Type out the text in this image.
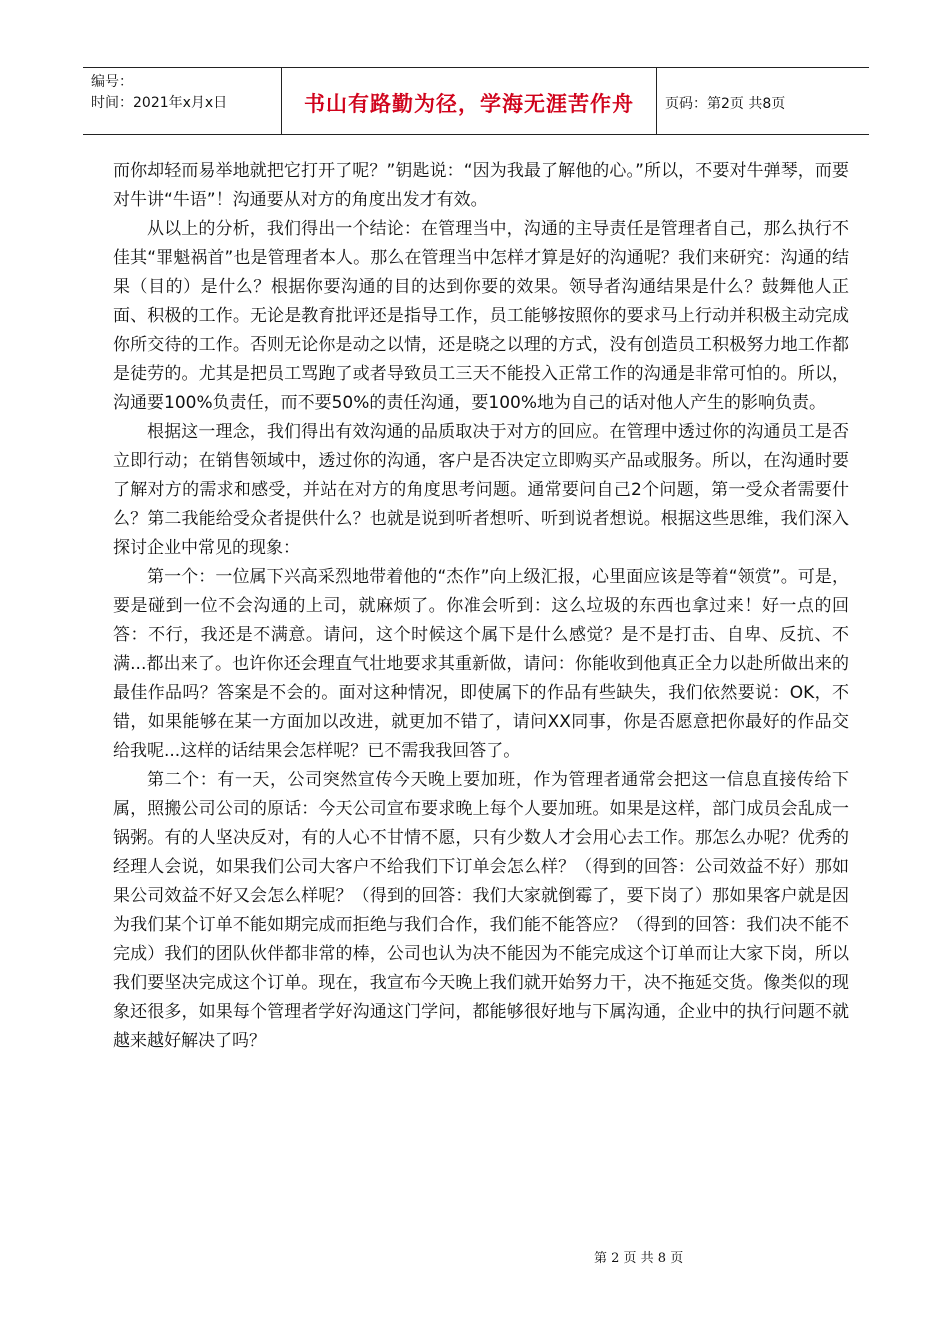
编号：
时间：2021年x月x日	书山有路勤为径，学海无涯苦作舟	页码：第2页 共8页

而你却轻而易举地就把它打开了呢？”钥匙说：“因为我最了解他的心。”所以，不要对牛弹琴，而要对牛讲“牛语”！沟通要从对方的角度出发才有效。

从以上的分析，我们得出一个结论：在管理当中，沟通的主导责任是管理者自己，那么执行不佳其“罪魁祸首”也是管理者本人。那么在管理当中怎样才算是好的沟通呢？我们来研究：沟通的结果（目的）是什么？根据你要沟通的目的达到你要的效果。领导者沟通结果是什么？鼓舞他人正面、积极的工作。无论是教育批评还是指导工作，员工能够按照你的要求马上行动并积极主动完成你所交待的工作。否则无论你是动之以情，还是晓之以理的方式，没有创造员工积极努力地工作都是徒劳的。尤其是把员工骂跑了或者导致员工三天不能投入正常工作的沟通是非常可怕的。所以，沟通要100%负责任，而不要50%的责任沟通，要100%地为自己的话对他人产生的影响负责。

根据这一理念，我们得出有效沟通的品质取决于对方的回应。在管理中透过你的沟通员工是否立即行动；在销售领域中，透过你的沟通，客户是否决定立即购买产品或服务。所以，在沟通时要了解对方的需求和感受，并站在对方的角度思考问题。通常要问自己2个问题，第一受众者需要什么？第二我能给受众者提供什么？也就是说到听者想听、听到说者想说。根据这些思维，我们深入探讨企业中常见的现象：

第一个：一位属下兴高采烈地带着他的“杰作”向上级汇报，心里面应该是等着“领赏”。可是，要是碰到一位不会沟通的上司，就麻烦了。你准会听到：这么垃圾的东西也拿过来！好一点的回答：不行，我还是不满意。请问，这个时候这个属下是什么感觉？是不是打击、自卑、反抗、不满...都出来了。也许你还会理直气壮地要求其重新做，请问：你能收到他真正全力以赴所做出来的最佳作品吗？答案是不会的。面对这种情况，即使属下的作品有些缺失，我们依然要说：OK，不错，如果能够在某一方面加以改进，就更加不错了，请问XX同事，你是否愿意把你最好的作品交给我呢...这样的话结果会怎样呢？已不需我我回答了。

第二个：有一天，公司突然宣传今天晚上要加班，作为管理者通常会把这一信息直接传给下属，照搬公司公司的原话：今天公司宣布要求晚上每个人要加班。如果是这样，部门成员会乱成一锅粥。有的人坚决反对，有的人心不甘情不愿，只有少数人才会用心去工作。那怎么办呢？优秀的经理人会说，如果我们公司大客户不给我们下订单会怎么样？（得到的回答：公司效益不好）那如果公司效益不好又会怎么样呢？（得到的回答：我们大家就倒霉了，要下岗了）那如果客户就是因为我们某个订单不能如期完成而拒绝与我们合作，我们能不能答应？（得到的回答：我们决不能不完成）我们的团队伙伴都非常的棒，公司也认为决不能因为不能完成这个订单而让大家下岗，所以我们要坚决完成这个订单。现在，我宣布今天晚上我们就开始努力干，决不拖延交货。像类似的现象还很多，如果每个管理者学好沟通这门学问，都能够很好地与下属沟通，企业中的执行问题不就越来越好解决了吗？

第 2 页 共 8 页
